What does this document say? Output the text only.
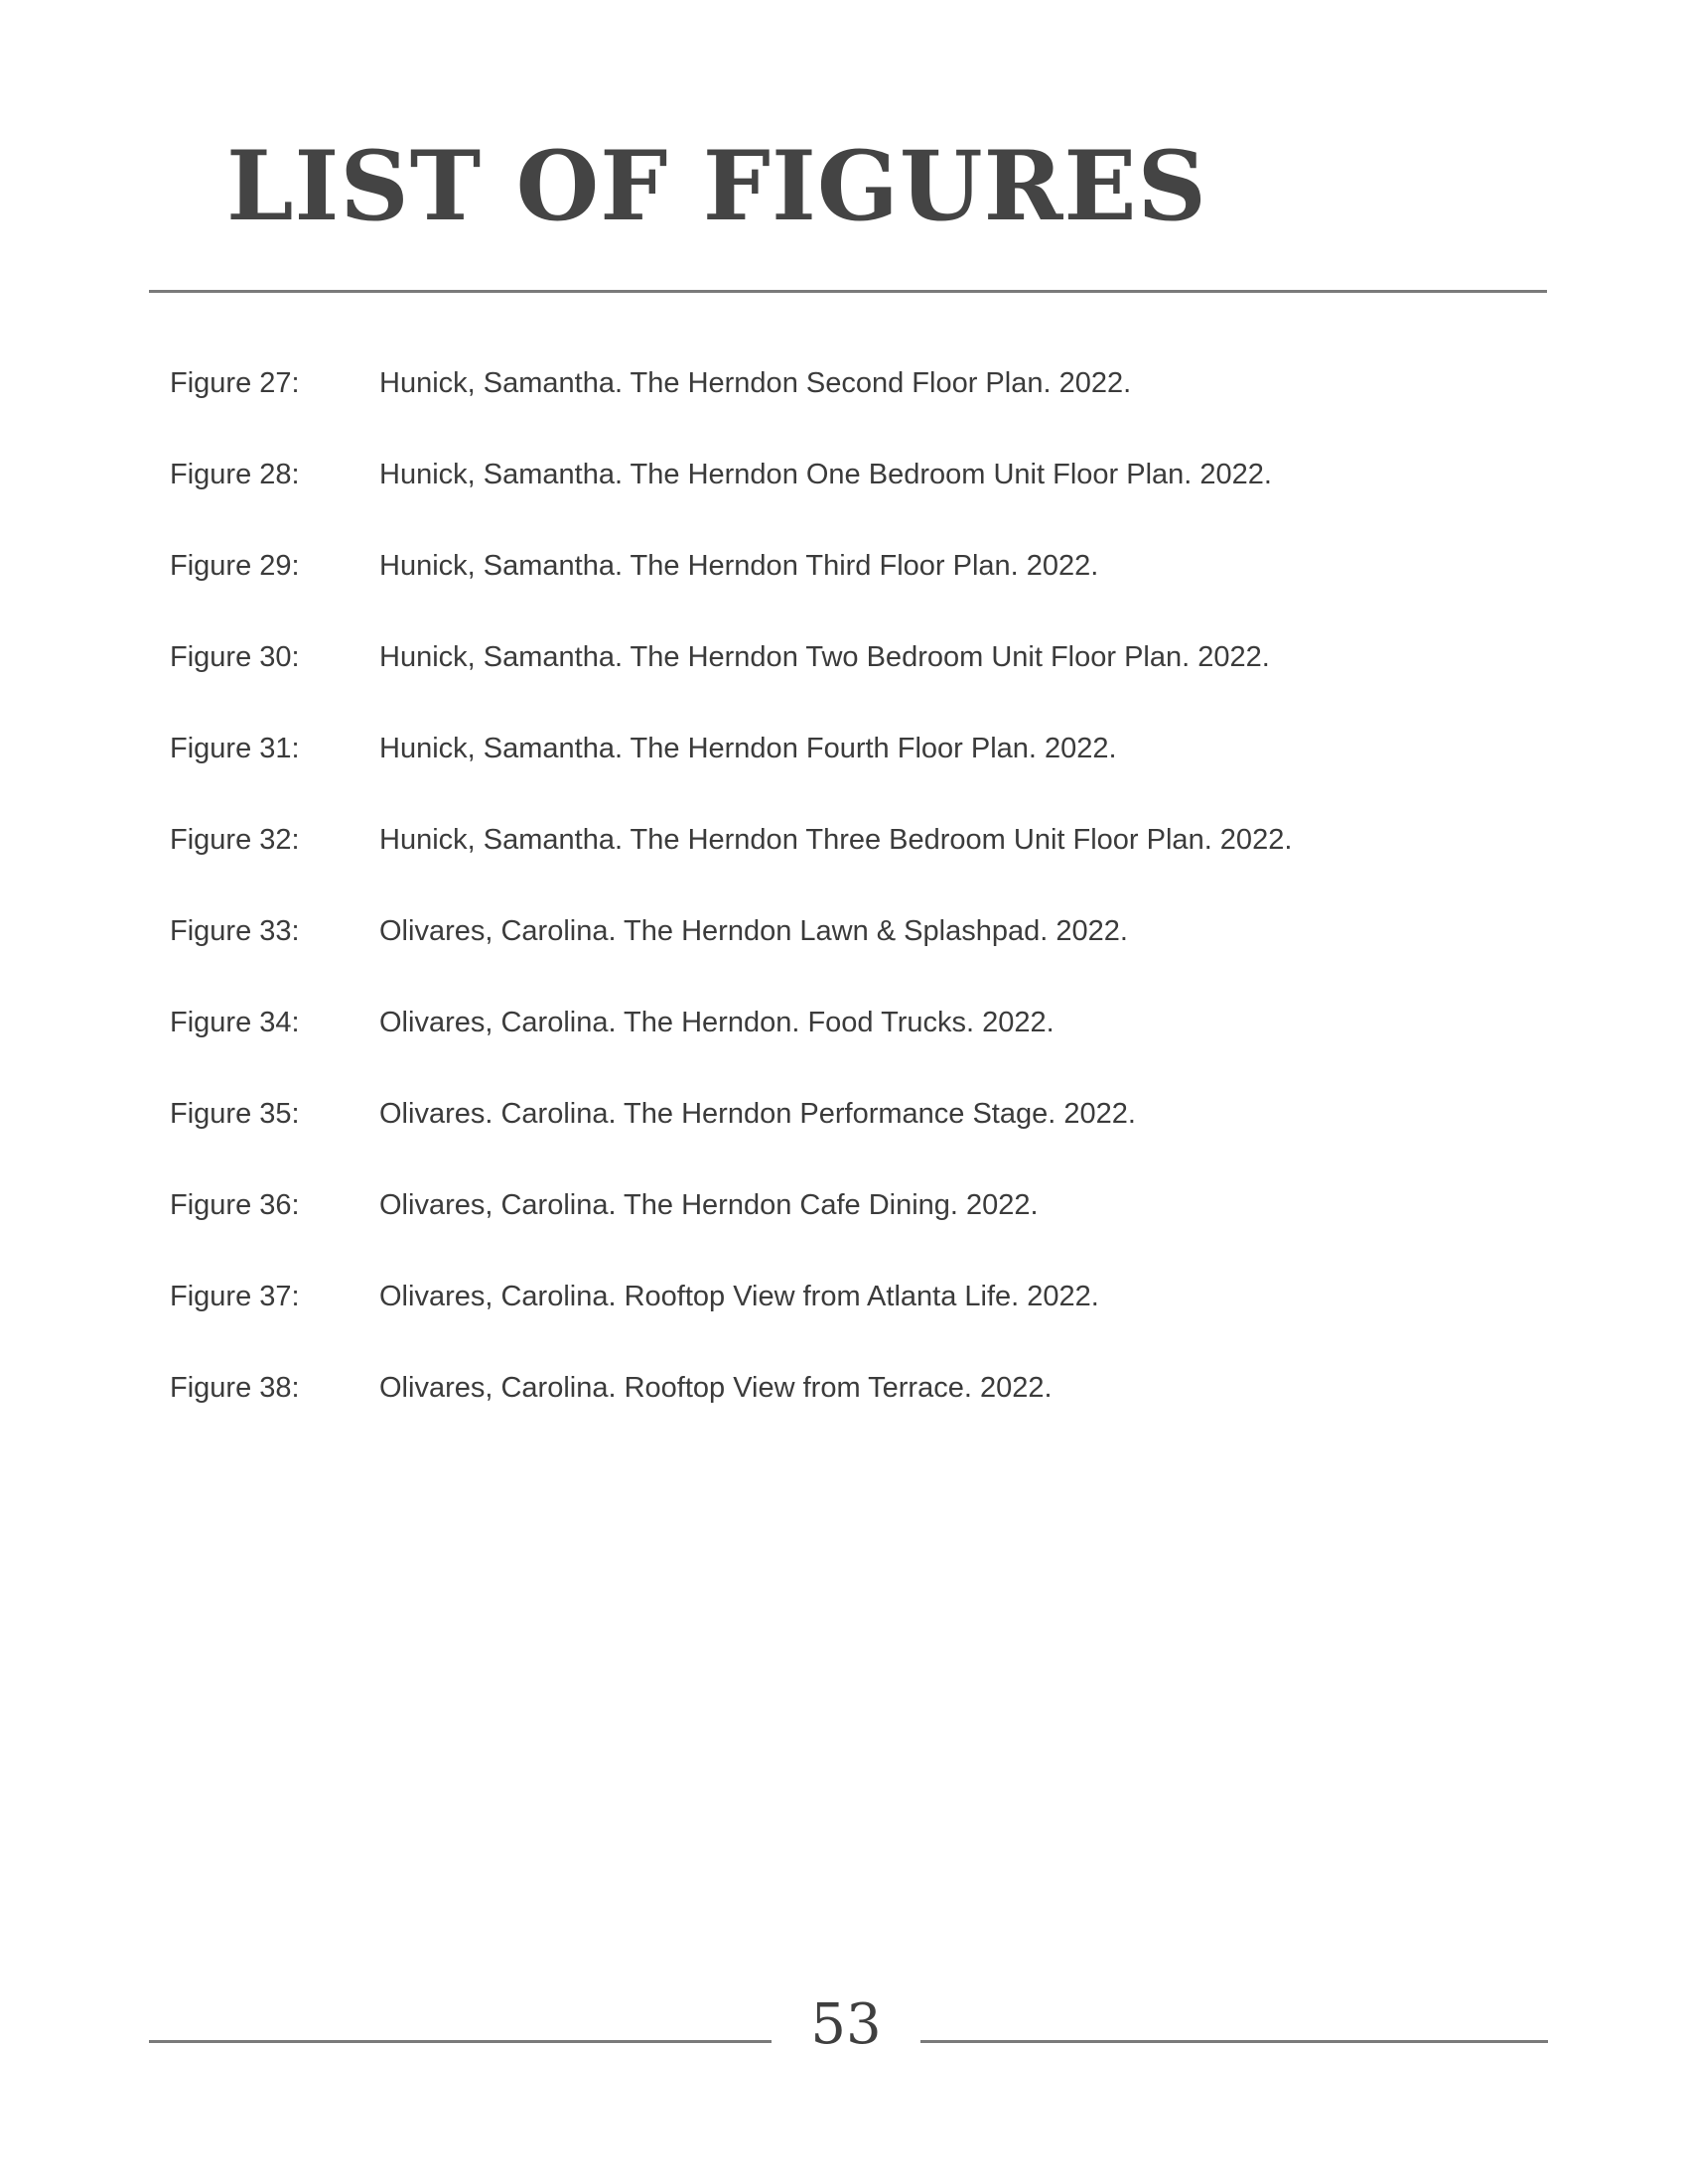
LIST OF FIGURES
Figure 27:	Hunick, Samantha. The Herndon Second Floor Plan. 2022.
Figure 28:	Hunick, Samantha. The Herndon One Bedroom Unit Floor Plan. 2022.
Figure 29:	Hunick, Samantha. The Herndon Third Floor Plan. 2022.
Figure 30:	Hunick, Samantha. The Herndon Two Bedroom Unit Floor Plan. 2022.
Figure 31:	Hunick, Samantha. The Herndon Fourth Floor Plan. 2022.
Figure 32:	Hunick, Samantha. The Herndon Three Bedroom Unit Floor Plan. 2022.
Figure 33:	Olivares, Carolina. The Herndon Lawn & Splashpad. 2022.
Figure 34:	Olivares, Carolina. The Herndon. Food Trucks. 2022.
Figure 35:	Olivares. Carolina. The Herndon Performance Stage. 2022.
Figure 36:	Olivares, Carolina. The Herndon Cafe Dining. 2022.
Figure 37:	Olivares, Carolina. Rooftop View from Atlanta Life. 2022.
Figure 38:	Olivares, Carolina. Rooftop View from Terrace. 2022.
53
